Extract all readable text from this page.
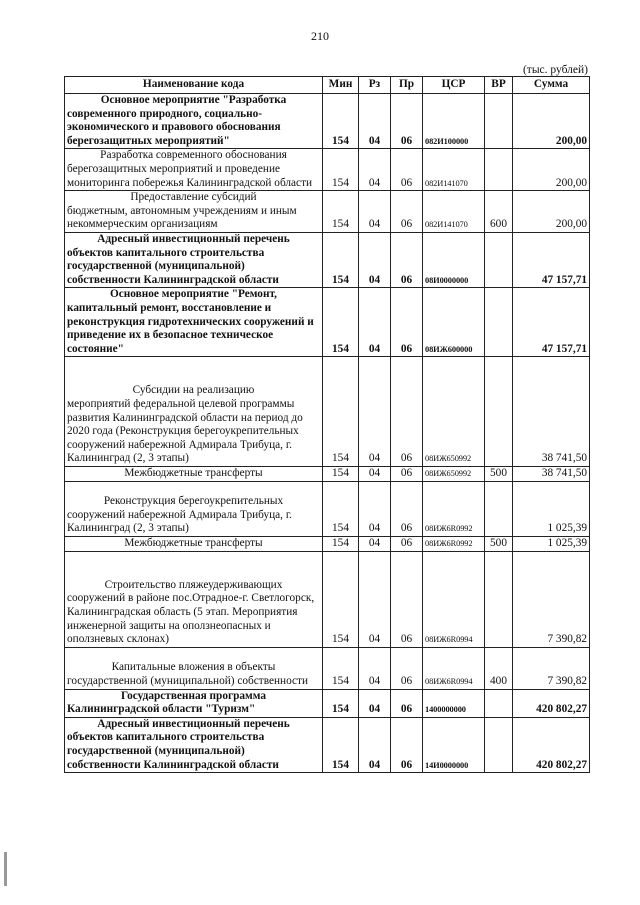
210
(тыс. рублей)
Наименование кода	Мин	Рз	Пр	ЦСР	ВР	Сумма

Основное мероприятие "Разработка
современного природного, социально-экономического и правового обоснования берегозащитных мероприятий"	154	04	06	082И100000		200,00

Разработка современного обоснования
берегозащитных мероприятий и проведение мониторинга побережья Калининградской области	154	04	06	082И141070		200,00

Предоставление субсидий
бюджетным, автономным учреждениям и иным некоммерческим организациям	154	04	06	082И141070	600	200,00

Адресный инвестиционный перечень
объектов капитального строительства государственной (муниципальной) собственности Калининградской области	154	04	06	08И0000000		47 157,71

Основное мероприятие "Ремонт,
капитальный ремонт, восстановление и реконструкция гидротехнических сооружений и приведение их в безопасное техническое состояние"	154	04	06	08ИЖ600000		47 157,71

Субсидии на реализацию
мероприятий федеральной целевой программы развития Калининградской области на период до 2020 года (Реконструкция берегоукрепительных сооружений набережной Адмирала Трибуца, г. Калининград (2, 3 этапы)	154	04	06	08ИЖ650992		38 741,50
Межбюджетные трансферты	154	04	06	08ИЖ650992	500	38 741,50

Реконструкция берегоукрепительных
сооружений набережной Адмирала Трибуца, г. Калининград (2, 3 этапы)	154	04	06	08ИЖ6R0992		1 025,39
Межбюджетные трансферты	154	04	06	08ИЖ6R0992	500	1 025,39

Строительство пляжеудерживающих
сооружений в районе пос.Отрадное-г. Светлогорск, Калининградская область (5 этап. Мероприятия инженерной защиты на оползнеопасных и оползневых склонах)	154	04	06	08ИЖ6R0994		7 390,82

Капитальные вложения в объекты
государственной (муниципальной) собственности	154	04	06	08ИЖ6R0994	400	7 390,82

Государственная программа
Калининградской области "Туризм"	154	04	06	1400000000		420 802,27

Адресный инвестиционный перечень
объектов капитального строительства государственной (муниципальной) собственности Калининградской области	154	04	06	14И0000000		420 802,27
